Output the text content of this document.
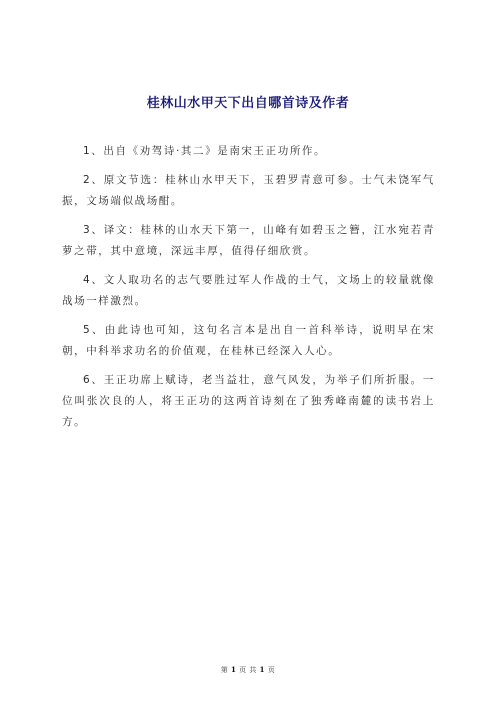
桂林山水甲天下出自哪首诗及作者

1、出自《劝驾诗·其二》是南宋王正功所作。

2、原文节选：桂林山水甲天下，玉碧罗青意可参。士气未饶军气振，文场端似战场酣。

3、译文：桂林的山水天下第一，山峰有如碧玉之簪，江水宛若青萝之带，其中意境，深远丰厚，值得仔细欣赏。

4、文人取功名的志气要胜过军人作战的士气，文场上的较量就像战场一样激烈。

5、由此诗也可知，这句名言本是出自一首科举诗，说明早在宋朝，中科举求功名的价值观，在桂林已经深入人心。

6、王正功席上赋诗，老当益壮，意气风发，为举子们所折服。一位叫张次良的人，将王正功的这两首诗刻在了独秀峰南麓的读书岩上方。

第 1 页 共 1 页
